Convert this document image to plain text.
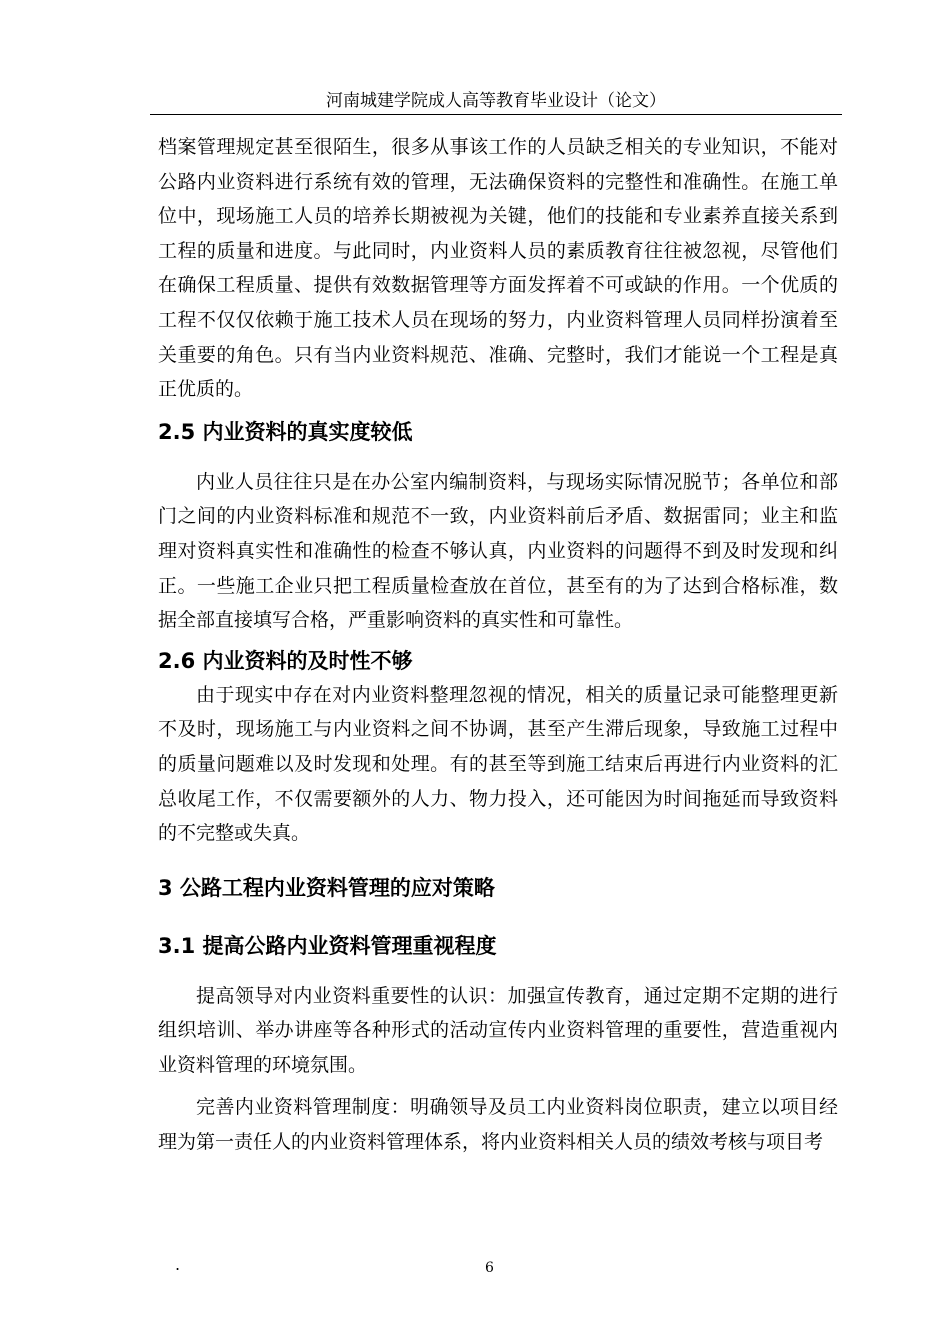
河南城建学院成人高等教育毕业设计（论文）

档案管理规定甚至很陌生，很多从事该工作的人员缺乏相关的专业知识，不能对公路内业资料进行系统有效的管理，无法确保资料的完整性和准确性。在施工单位中，现场施工人员的培养长期被视为关键，他们的技能和专业素养直接关系到工程的质量和进度。与此同时，内业资料人员的素质教育往往被忽视，尽管他们在确保工程质量、提供有效数据管理等方面发挥着不可或缺的作用。一个优质的工程不仅仅依赖于施工技术人员在现场的努力，内业资料管理人员同样扮演着至关重要的角色。只有当内业资料规范、准确、完整时，我们才能说一个工程是真正优质的。

2.5 内业资料的真实度较低

内业人员往往只是在办公室内编制资料，与现场实际情况脱节；各单位和部门之间的内业资料标准和规范不一致，内业资料前后矛盾、数据雷同；业主和监理对资料真实性和准确性的检查不够认真，内业资料的问题得不到及时发现和纠正。一些施工企业只把工程质量检查放在首位，甚至有的为了达到合格标准，数据全部直接填写合格，严重影响资料的真实性和可靠性。

2.6 内业资料的及时性不够

由于现实中存在对内业资料整理忽视的情况，相关的质量记录可能整理更新不及时，现场施工与内业资料之间不协调，甚至产生滞后现象，导致施工过程中的质量问题难以及时发现和处理。有的甚至等到施工结束后再进行内业资料的汇总收尾工作，不仅需要额外的人力、物力投入，还可能因为时间拖延而导致资料的不完整或失真。

3 公路工程内业资料管理的应对策略
3.1 提高公路内业资料管理重视程度

提高领导对内业资料重要性的认识：加强宣传教育，通过定期不定期的进行组织培训、举办讲座等各种形式的活动宣传内业资料管理的重要性，营造重视内业资料管理的环境氛围。

完善内业资料管理制度：明确领导及员工内业资料岗位职责，建立以项目经理为第一责任人的内业资料管理体系，将内业资料相关人员的绩效考核与项目考

.	6
